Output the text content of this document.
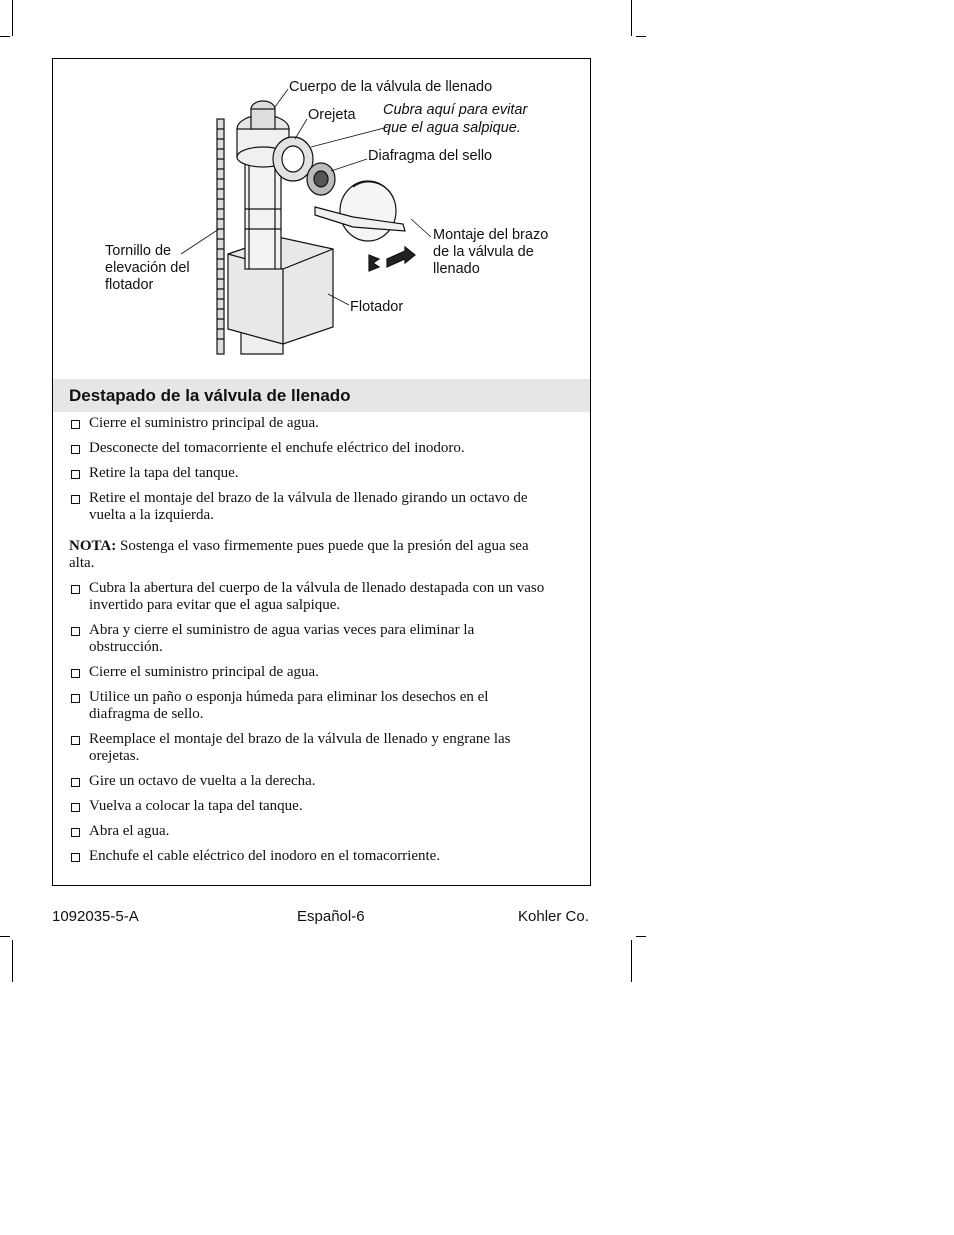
Cuerpo de la válvula de llenado
Orejeta Cubra aquí para evitar
que el agua salpique.
Diafragma del sello
Tornillo de
elevación del
flotador
Montaje del brazo
de la válvula de
llenado
Flotador
Destapado de la válvula de llenado
Cierre el suministro principal de agua.
Desconecte del tomacorriente el enchufe eléctrico del inodoro.
Retire la tapa del tanque.
Retire el montaje del brazo de la válvula de llenado girando un octavo de vuelta a la izquierda.
NOTA: Sostenga el vaso firmemente pues puede que la presión del agua sea alta.
Cubra la abertura del cuerpo de la válvula de llenado destapada con un vaso invertido para evitar que el agua salpique.
Abra y cierre el suministro de agua varias veces para eliminar la obstrucción.
Cierre el suministro principal de agua.
Utilice un paño o esponja húmeda para eliminar los desechos en el diafragma de sello.
Reemplace el montaje del brazo de la válvula de llenado y engrane las orejetas.
Gire un octavo de vuelta a la derecha.
Vuelva a colocar la tapa del tanque.
Abra el agua.
Enchufe el cable eléctrico del inodoro en el tomacorriente.
1092035-5-A	Español-6	Kohler Co.
